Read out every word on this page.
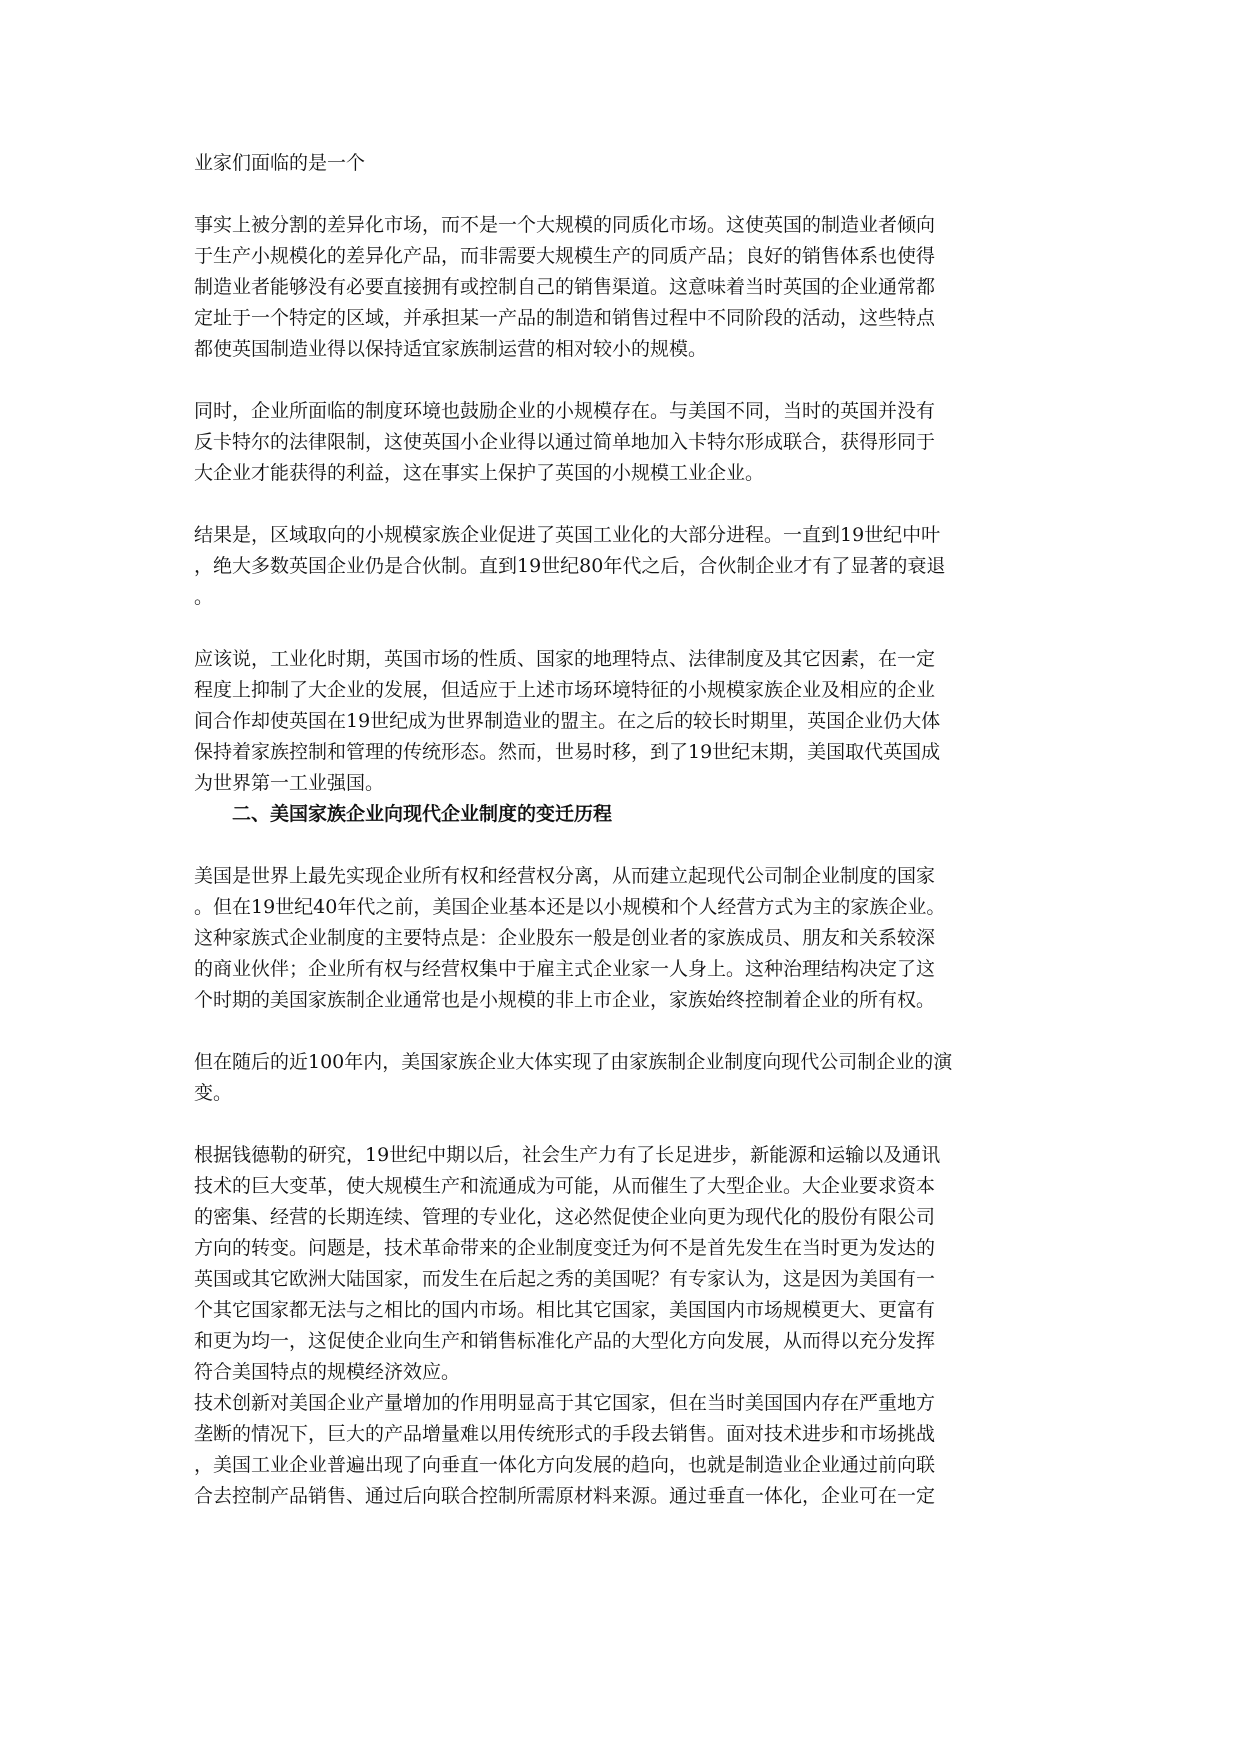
业家们面临的是一个
事实上被分割的差异化市场，而不是一个大规模的同质化市场。这使英国的制造业者倾向
于生产小规模化的差异化产品，而非需要大规模生产的同质产品；良好的销售体系也使得
制造业者能够没有必要直接拥有或控制自己的销售渠道。这意味着当时英国的企业通常都
定址于一个特定的区域，并承担某一产品的制造和销售过程中不同阶段的活动，这些特点
都使英国制造业得以保持适宜家族制运营的相对较小的规模。
同时，企业所面临的制度环境也鼓励企业的小规模存在。与美国不同，当时的英国并没有
反卡特尔的法律限制，这使英国小企业得以通过简单地加入卡特尔形成联合，获得形同于
大企业才能获得的利益，这在事实上保护了英国的小规模工业企业。
结果是，区域取向的小规模家族企业促进了英国工业化的大部分进程。一直到19世纪中叶
，绝大多数英国企业仍是合伙制。直到19世纪80年代之后，合伙制企业才有了显著的衰退
。
应该说，工业化时期，英国市场的性质、国家的地理特点、法律制度及其它因素，在一定
程度上抑制了大企业的发展，但适应于上述市场环境特征的小规模家族企业及相应的企业
间合作却使英国在19世纪成为世界制造业的盟主。在之后的较长时期里，英国企业仍大体
保持着家族控制和管理的传统形态。然而，世易时移，到了19世纪末期，美国取代英国成
为世界第一工业强国。
二、美国家族企业向现代企业制度的变迁历程
美国是世界上最先实现企业所有权和经营权分离，从而建立起现代公司制企业制度的国家
。但在19世纪40年代之前，美国企业基本还是以小规模和个人经营方式为主的家族企业。
这种家族式企业制度的主要特点是：企业股东一般是创业者的家族成员、朋友和关系较深
的商业伙伴；企业所有权与经营权集中于雇主式企业家一人身上。这种治理结构决定了这
个时期的美国家族制企业通常也是小规模的非上市企业，家族始终控制着企业的所有权。
但在随后的近100年内，美国家族企业大体实现了由家族制企业制度向现代公司制企业的演
变。
根据钱德勒的研究，19世纪中期以后，社会生产力有了长足进步，新能源和运输以及通讯
技术的巨大变革，使大规模生产和流通成为可能，从而催生了大型企业。大企业要求资本
的密集、经营的长期连续、管理的专业化，这必然促使企业向更为现代化的股份有限公司
方向的转变。问题是，技术革命带来的企业制度变迁为何不是首先发生在当时更为发达的
英国或其它欧洲大陆国家，而发生在后起之秀的美国呢？有专家认为，这是因为美国有一
个其它国家都无法与之相比的国内市场。相比其它国家，美国国内市场规模更大、更富有
和更为均一，这促使企业向生产和销售标准化产品的大型化方向发展，从而得以充分发挥
符合美国特点的规模经济效应。
技术创新对美国企业产量增加的作用明显高于其它国家，但在当时美国国内存在严重地方
垄断的情况下，巨大的产品增量难以用传统形式的手段去销售。面对技术进步和市场挑战
，美国工业企业普遍出现了向垂直一体化方向发展的趋向，也就是制造业企业通过前向联
合去控制产品销售、通过后向联合控制所需原材料来源。通过垂直一体化，企业可在一定
